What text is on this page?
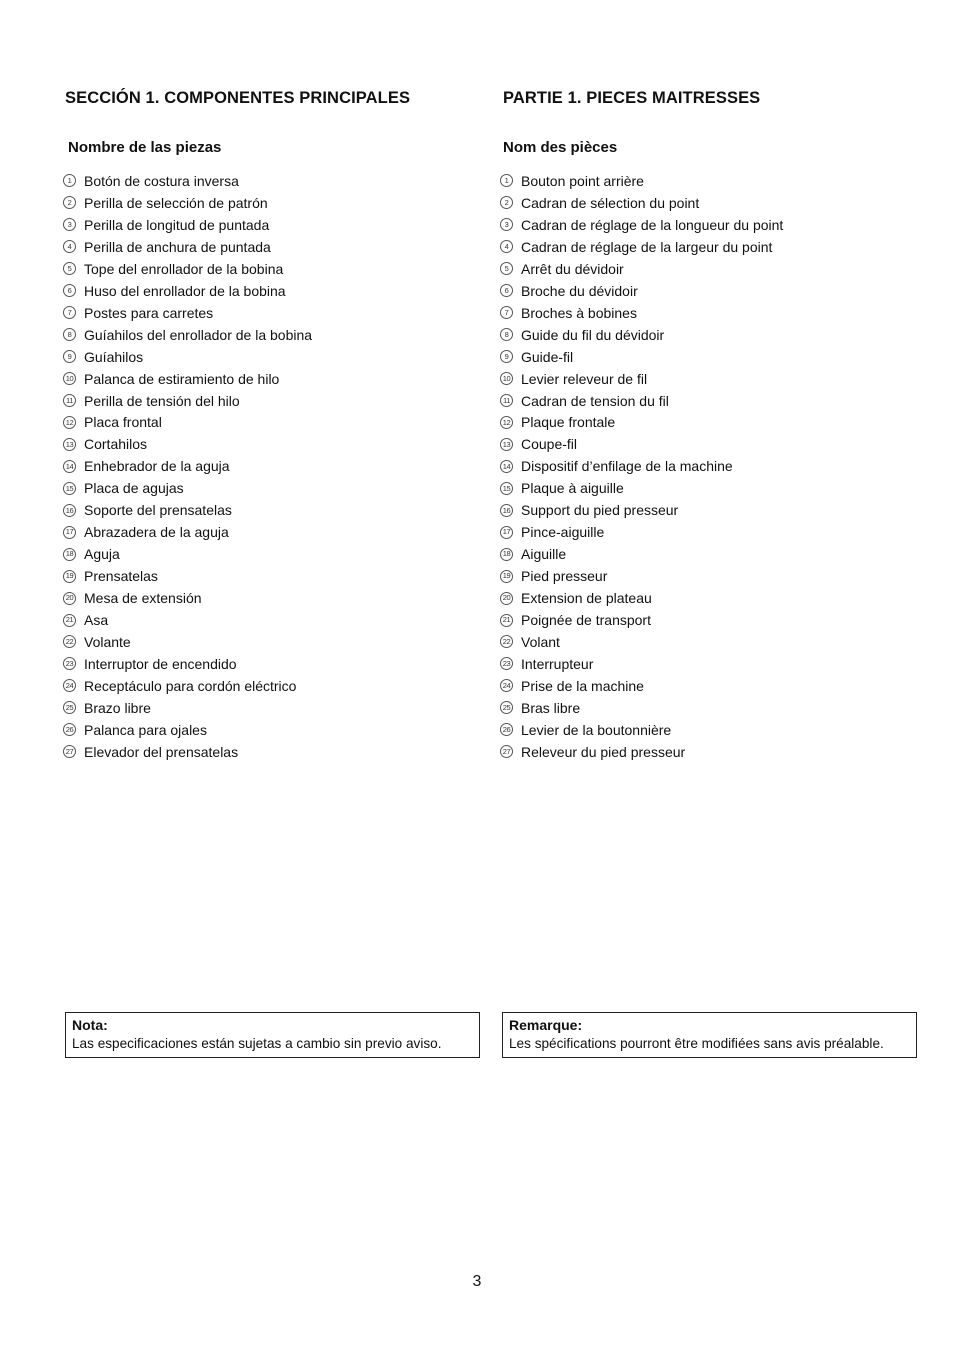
SECCIÓN 1. COMPONENTES PRINCIPALES
Nombre de las piezas
1 Botón de costura inversa
2 Perilla de selección de patrón
3 Perilla de longitud de puntada
4 Perilla de anchura de puntada
5 Tope del enrollador de la bobina
6 Huso del enrollador de la bobina
7 Postes para carretes
8 Guíahilos del enrollador de la bobina
9 Guíahilos
10 Palanca de estiramiento de hilo
11 Perilla de tensión del hilo
12 Placa frontal
13 Cortahilos
14 Enhebrador de la aguja
15 Placa de agujas
16 Soporte del prensatelas
17 Abrazadera de la aguja
18 Aguja
19 Prensatelas
20 Mesa de extensión
21 Asa
22 Volante
23 Interruptor de encendido
24 Receptáculo para cordón eléctrico
25 Brazo libre
26 Palanca para ojales
27 Elevador del prensatelas
PARTIE 1. PIECES MAITRESSES
Nom des pièces
1 Bouton point arrière
2 Cadran de sélection du point
3 Cadran de réglage de la longueur du point
4 Cadran de réglage de la largeur du point
5 Arrêt du dévidoir
6 Broche du dévidoir
7 Broches à bobines
8 Guide du fil du dévidoir
9 Guide-fil
10 Levier releveur de fil
11 Cadran de tension du fil
12 Plaque frontale
13 Coupe-fil
14 Dispositif d’enfilage de la machine
15 Plaque à aiguille
16 Support du pied presseur
17 Pince-aiguille
18 Aiguille
19 Pied presseur
20 Extension de plateau
21 Poignée de transport
22 Volant
23 Interrupteur
24 Prise de la machine
25 Bras libre
26 Levier de la boutonnière
27 Releveur du pied presseur
Nota:
Las especificaciones están sujetas a cambio sin previo aviso.
Remarque:
Les spécifications pourront être modifiées sans avis préalable.
3
